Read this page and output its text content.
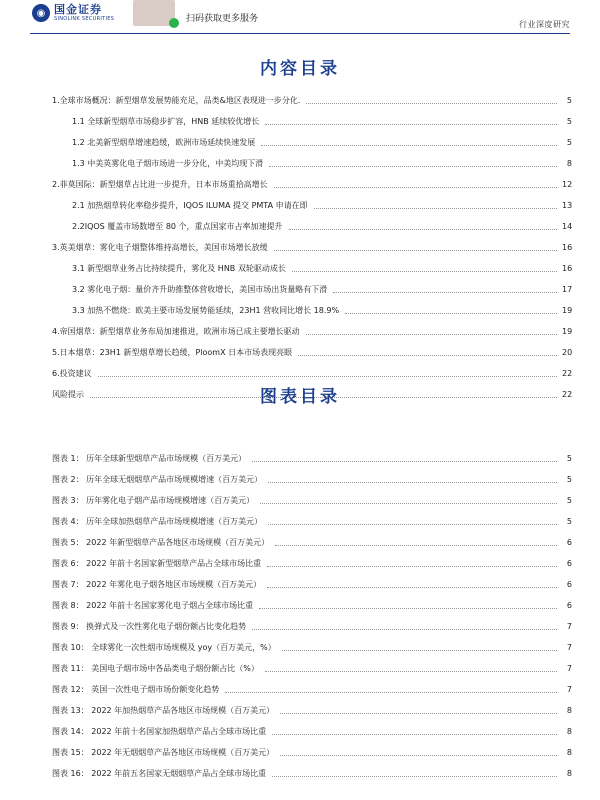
◉ 国金证券
SINOLINK SECURITIES	扫码获取更多服务
行业深度研究
内容目录
1.全球市场概况：新型烟草发展势能充足，品类&地区表现进一步分化.	5
1.1 全球新型烟草市场稳步扩容，HNB 延续较优增长	5
1.2 北美新型烟草增速趋缓，欧洲市场延续快速发展	5
1.3 中美英雾化电子烟市场进一步分化，中美均现下滑	8
2.菲莫国际：新型烟草占比进一步提升，日本市场重拾高增长	12
2.1 加热烟草转化率稳步提升，IQOS ILUMA 提交 PMTA 申请在即	13
2.2IQOS 覆盖市场数增至 80 个，重点国家市占率加速提升	14
3.英美烟草：雾化电子烟整体维持高增长，美国市场增长放缓	16
3.1 新型烟草业务占比持续提升，雾化及 HNB 双轮驱动成长	16
3.2 雾化电子烟：量价齐升助推整体营收增长，美国市场出货量略有下滑	17
3.3 加热不燃烧：欧美主要市场发展势能延续，23H1 营收同比增长 18.9%	19
4.帝国烟草：新型烟草业务布局加速推进，欧洲市场已成主要增长驱动	19
5.日本烟草：23H1 新型烟草增长趋缓，PloomX 日本市场表现亮眼	20
6.投资建议	22
风险提示	22
图表目录
图表 1： 历年全球新型烟草产品市场规模（百万美元）	5
图表 2： 历年全球无烟烟草产品市场规模增速（百万美元）	5
图表 3： 历年雾化电子烟产品市场规模增速（百万美元）	5
图表 4： 历年全球加热烟草产品市场规模增速（百万美元）	5
图表 5： 2022 年新型烟草产品各地区市场规模（百万美元）	6
图表 6： 2022 年前十名国家新型烟草产品占全球市场比重	6
图表 7： 2022 年雾化电子烟各地区市场规模（百万美元）	6
图表 8： 2022 年前十名国家雾化电子烟占全球市场比重	6
图表 9： 换弹式及一次性雾化电子烟份额占比变化趋势	7
图表 10： 全球雾化一次性烟市场规模及 yoy（百万美元，%）	7
图表 11： 美国电子烟市场中各品类电子烟份额占比（%）	7
图表 12： 英国一次性电子烟市场份额变化趋势	7
图表 13： 2022 年加热烟草产品各地区市场规模（百万美元）	8
图表 14： 2022 年前十名国家加热烟草产品占全球市场比重	8
图表 15： 2022 年无烟烟草产品各地区市场规模（百万美元）	8
图表 16： 2022 年前五名国家无烟烟草产品占全球市场比重	8
